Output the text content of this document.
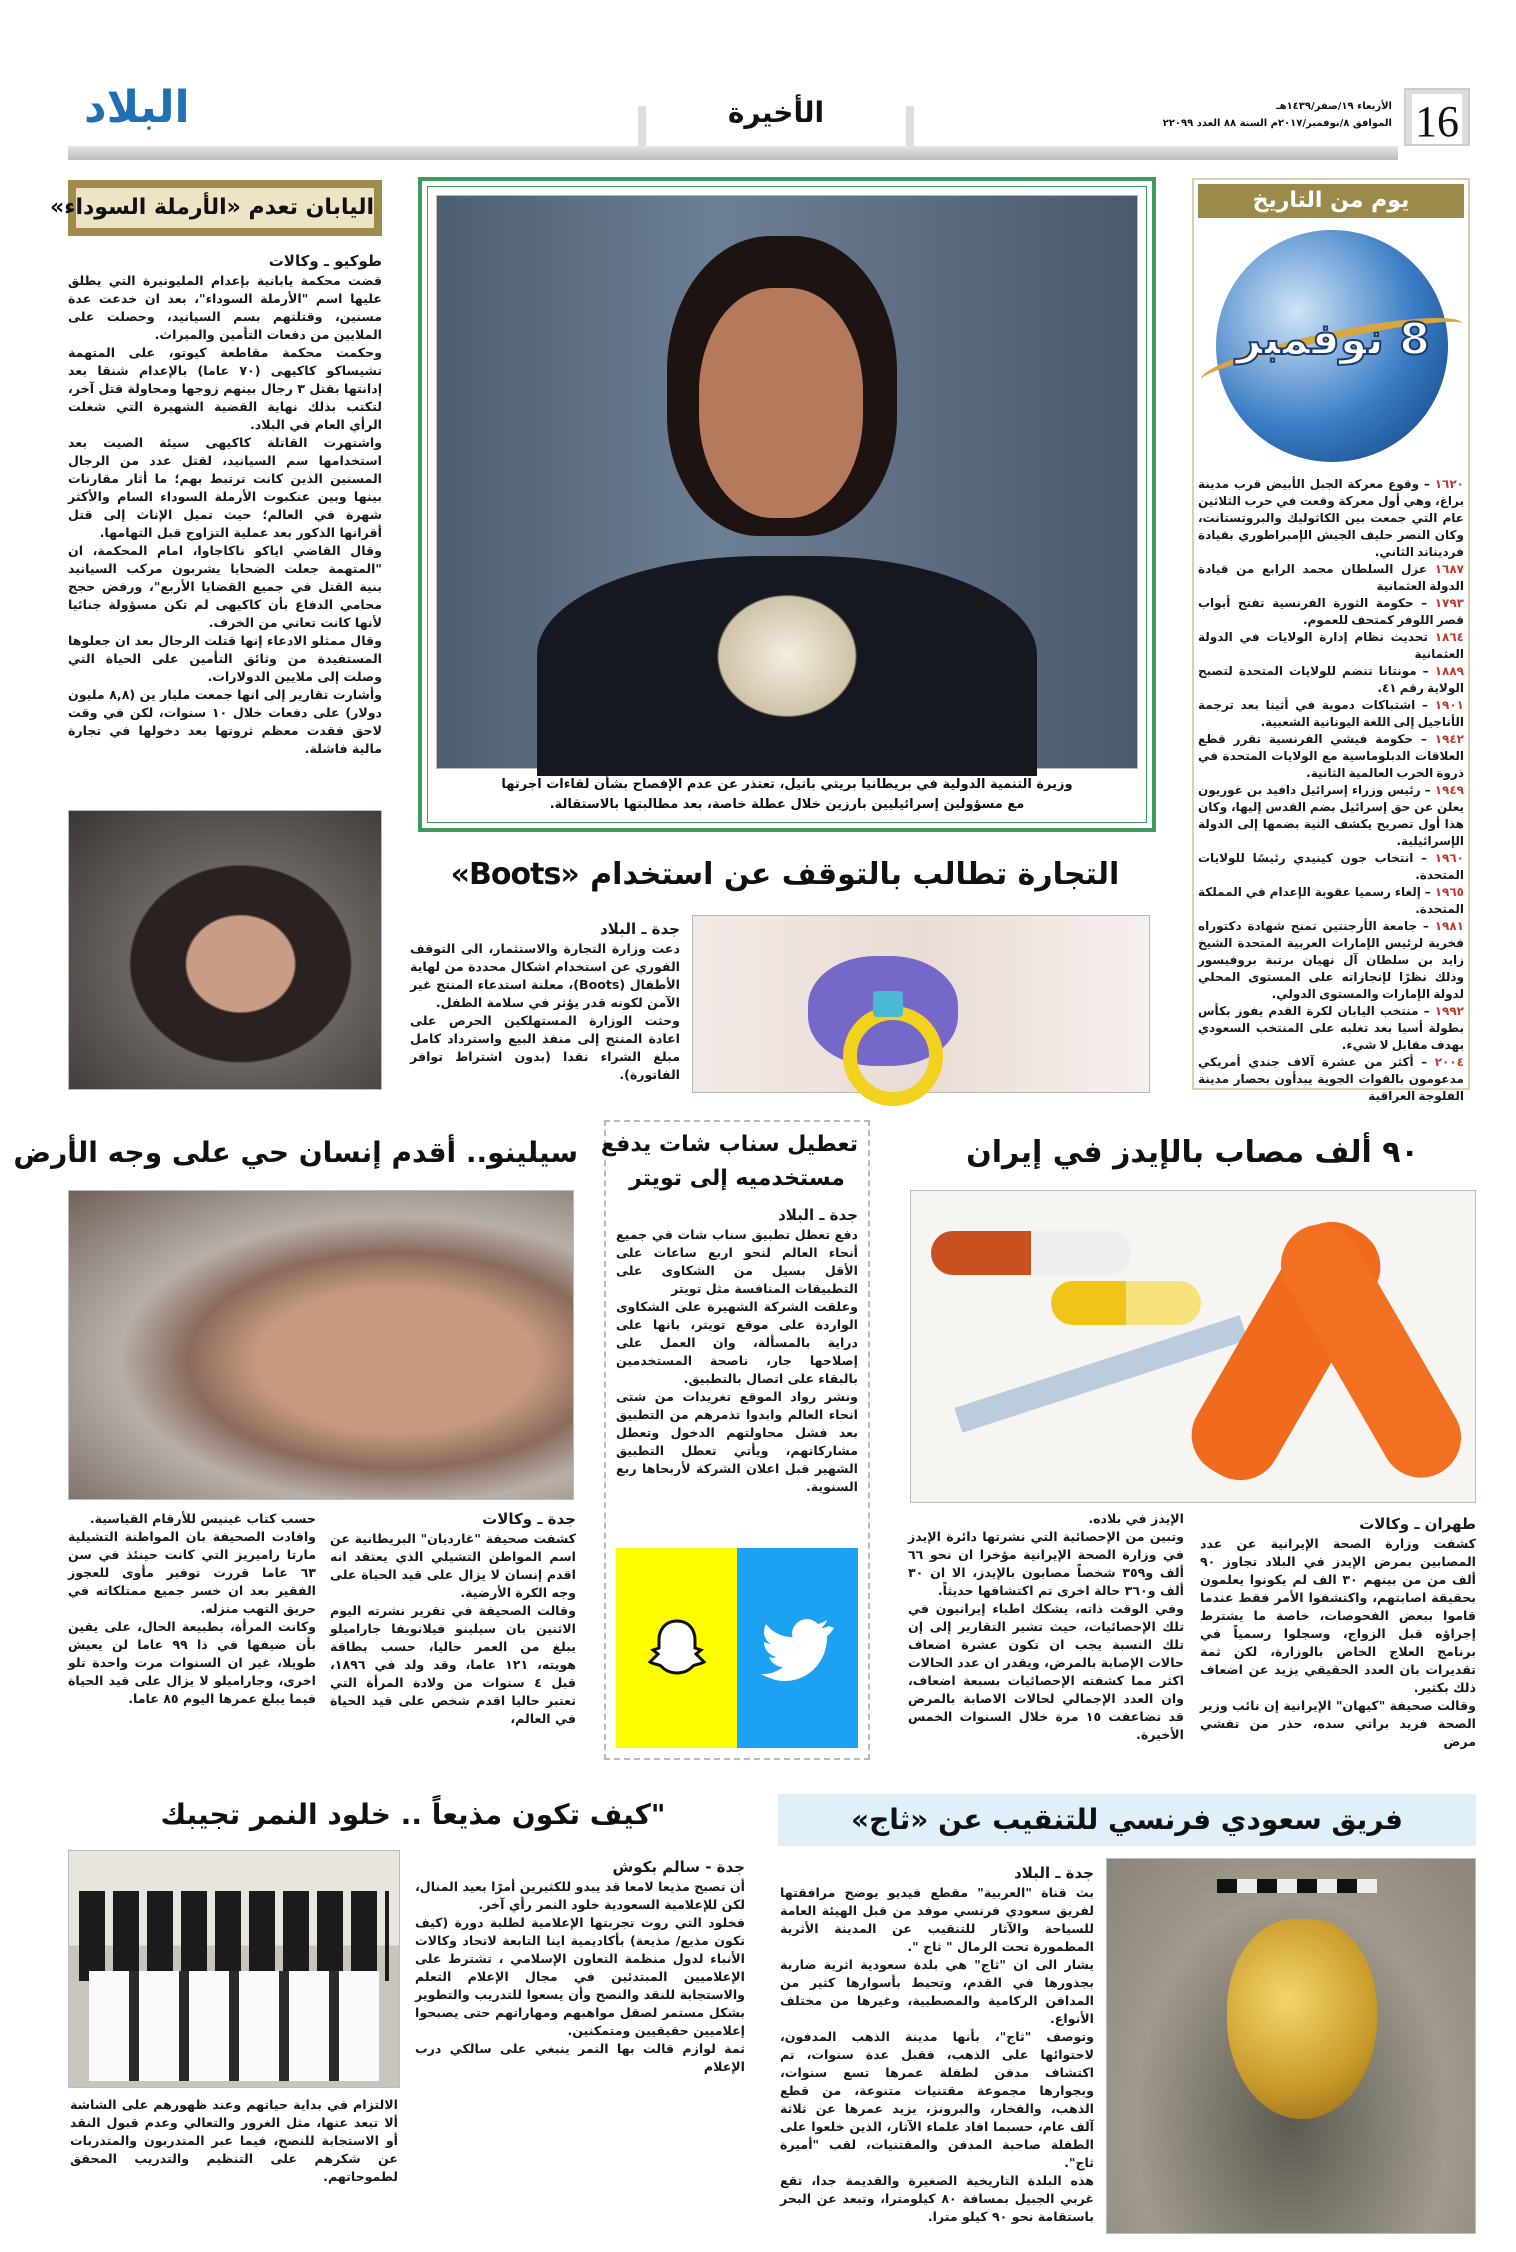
16
الأربعاء ١٩/صفر/١٤٣٩هـ
الموافق ٨/نوفمبر/٢٠١٧م السنة ٨٨ العدد ٢٢٠٩٩
الأخيرة
البلاد
يوم من التاريخ
8 نوفمبر
١٦٢٠ – وقوع معركة الجبل الأبيض قرب مدينة براغ، وهي أول معركة وقعت في حرب الثلاثين عام التي جمعت بين الكاثوليك والبروتستانت، وكان النصر حليف الجيش الإمبراطوري بقيادة فرديناند الثاني.
١٦٨٧ عزل السلطان محمد الرابع من قيادة الدولة العثمانية
١٧٩٣ – حكومة الثورة الفرنسية تفتح أبواب قصر اللوفر كمتحف للعموم.
١٨٦٤ تحديث نظام إدارة الولايات في الدولة العثمانية
١٨٨٩ – مونتانا تنضم للولايات المتحدة لتصبح الولاية رقم ٤١.
١٩٠١ – اشتباكات دموية في أثينا بعد ترجمة الأناجيل إلى اللغة اليونانية الشعبية.
١٩٤٢ – حكومة فيشي الفرنسية تقرر قطع العلاقات الدبلوماسية مع الولايات المتحدة في ذروة الحرب العالمية الثانية.
١٩٤٩ – رئيس وزراء إسرائيل دافيد بن غوريون يعلن عن حق إسرائيل بضم القدس إليها، وكان هذا أول تصريح يكشف النية بضمها إلى الدولة الإسرائيلية.
١٩٦٠ – انتخاب جون كينيدي رئيسًا للولايات المتحدة.
١٩٦٥ – إلغاء رسميا عقوبة الإعدام في المملكة المتحدة.
١٩٨١ – جامعة الأرجنتين تمنح شهادة دكتوراه فخرية لرئيس الإمارات العربية المتحدة الشيخ زايد بن سلطان آل نهيان برتبة بروفيسور وذلك نظرًا لإنجازاته على المستوى المحلي لدولة الإمارات والمستوى الدولي.
١٩٩٢ – منتخب اليابان لكرة القدم يفوز بكأس بطولة أسيا بعد تغلبه على المنتخب السعودي بهدف مقابل لا شيء.
٢٠٠٤ – أكثر من عشرة آلاف جندي أمريكي مدعومون بالقوات الجوية يبدأون بحصار مدينة الفلوجة العراقية
وزيرة التنمية الدولية في بريطانيا بريتي باتيل، تعتذر عن عدم الإفصاح بشأن لقاءات اجرتها
مع مسؤولين إسرائيليين بارزين خلال عطلة خاصة، بعد مطالبتها بالاستقالة.
اليابان تعدم «الأرملة السوداء»
طوكيو ـ وكالات

قضت محكمة يابانية بإعدام المليونيرة التي يطلق عليها اسم "الأرملة السوداء"، بعد ان خدعت عدة مسنين، وقتلتهم بسم السيانيد، وحصلت على الملايين من دفعات التأمين والميراث.

وحكمت محكمة مقاطعة كيوتو، على المتهمة تشيساكو كاكيهى (٧٠ عاما) بالإعدام شنقا بعد إدانتها بقتل ٣ رجال بينهم زوجها ومحاولة قتل آخر، لتكتب بذلك نهاية القضية الشهيرة التي شغلت الرأي العام في البلاد.

واشتهرت القاتلة كاكيهى سيئة الصيت بعد استخدامها سم السيانيد، لقتل عدد من الرجال المسنين الذين كانت ترتبط بهم؛ ما أثار مقارنات بينها وبين عنكبوت الأرملة السوداء السام والأكثر شهرة في العالم؛ حيث تميل الإناث إلى قتل أقرانها الذكور بعد عملية التزاوج قبل التهامها.

وقال القاضي اياكو ناكاجاوا، امام المحكمة، ان "المتهمة جعلت الضحايا يشربون مركب السيانيد بنية القتل في جميع القضايا الأربع"، ورفض حجج محامي الدفاع بأن كاكيهى لم تكن مسؤولة جنائيا لأنها كانت تعاني من الخرف.

وقال ممثلو الادعاء إنها قتلت الرجال بعد ان جعلوها المستفيدة من وثائق التأمين على الحياة التي وصلت إلى ملايين الدولارات.

وأشارت تقارير إلى انها جمعت مليار ين (٨,٨ مليون دولار) على دفعات خلال ١٠ سنوات، لكن في وقت لاحق فقدت معظم ثروتها بعد دخولها في تجارة مالية فاشلة.

التجارة تطالب بالتوقف عن استخدام «Boots»
جدة ـ البلاد

دعت وزارة التجارة والاستثمار، الى التوقف الفوري عن استخدام اشكال محددة من لهاية الأطفال (Boots)، معلنة استدعاء المنتج غير الآمن لكونه قدر يؤثر في سلامة الطفل.

وحثت الوزارة المستهلكين الحرص على اعادة المنتج إلى منفذ البيع واسترداد كامل مبلغ الشراء نقدا (بدون اشتراط توافر الفاتورة).

٩٠ ألف مصاب بالإيدز في إيران
طهران ـ وكالات

كشفت وزارة الصحة الإيرانية عن عدد المصابين بمرض الإيدز في البلاد تجاوز ٩٠ ألف من من بينهم ٣٠ الف لم يكونوا يعلمون بحقيقة اصابتهم، واكتشفوا الأمر فقط عندما قاموا ببعض الفحوصات، خاصة ما يشترط إجراؤه قبل الزواج، وسجلوا رسمياً في برنامج العلاج الخاص بالوزارة، لكن ثمة تقديرات بان العدد الحقيقي يزيد عن اضعاف ذلك بكثير.

وقالت صحيفة "كيهان" الإيرانية إن نائب وزير الصحة فريد براتي سده، حذر من تفشي مرض

الإيدز في بلاده.

وتبين من الإحصائية التي نشرتها دائرة الإيدز في وزارة الصحة الإيرانية مؤخرا ان نحو ٦٦ ألف و٣٥٩ شخصاً مصابون بالإيدز، الا ان ٣٠ ألف و٣٦٠ حالة اخرى تم اكتشافها حديثاً.

وفي الوقت ذاته، يشكك اطباء إيرانيون في تلك الإحصائيات، حيث تشير التقارير إلى إن تلك النسبة يجب ان تكون عشرة اضعاف حالات الإصابة بالمرض، ويقدر ان عدد الحالات اكثر مما كشفته الإحصائيات بسبعة اضعاف، وان العدد الإجمالي لحالات الاصابة بالمرض قد تضاعفت ١٥ مرة خلال السنوات الخمس الأخيرة.

تعطيل سناب شات يدفع
مستخدميه إلى تويتر
جدة ـ البلاد

دفع تعطل تطبيق سناب شات في جميع أنحاء العالم لنحو اربع ساعات على الأقل بسيل من الشكاوى على التطبيقات المنافسة مثل تويتر

وعلقت الشركة الشهيرة على الشكاوى الواردة على موقع تويتر، بانها على دراية بالمسألة، وان العمل على إصلاحها جار، ناصحة المستخدمين بالبقاء على اتصال بالتطبيق.

ونشر رواد الموقع تغريدات من شتى انحاء العالم وابدوا تذمرهم من التطبيق بعد فشل محاولتهم الدخول وتعطل مشاركاتهم، ويأتي تعطل التطبيق الشهير قبل اعلان الشركة لأربحاها ربع السنوية.

سيلينو.. أقدم إنسان حي على وجه الأرض
جدة ـ وكالات

كشفت صحيفة "غارديان" البريطانية عن اسم المواطن التشيلي الذي يعتقد انه اقدم إنسان لا يزال على قيد الحياة على وجه الكرة الأرضية.

وقالت الصحيفة في تقرير نشرته اليوم الاثنين بان سيلينو فيلانويفا جاراميلو يبلغ من العمر حاليا، حسب بطاقة هويته، ١٢١ عاما، وقد ولد في ١٨٩٦، قبل ٤ سنوات من ولادة المرأة التي تعتبر حاليا اقدم شخص على قيد الحياة في العالم،

حسب كتاب غينيس للأرقام القياسية.

وافادت الصحيفة بان المواطنة التشيلية مارتا راميريز التي كانت حينئذ في سن ٦٣ عاما قررت توفير مأوى للعجوز الفقير بعد ان خسر جميع ممتلكاته في حريق التهب منزله.

وكانت المرأة، بطبيعة الحال، على يقين بأن ضيفها في ذا ٩٩ عاما لن يعيش طويلا، غير ان السنوات مرت واحدة تلو اخرى، وجاراميلو لا يزال على قيد الحياة فيما يبلغ عمرها اليوم ٨٥ عاما.

فريق سعودي فرنسي للتنقيب عن «ثاج»
جدة ـ البلاد

بث قناة "العربية" مقطع فيديو يوضح مرافقتها لفريق سعودي فرنسي موفد من قبل الهيئة العامة للسياحة والآثار للتنقيب عن المدينة الأثرية المطمورة تحت الرمال " ثاج ".

يشار الى ان "ثاج" هي بلدة سعودية اثرية ضاربة بجذورها في القدم، وتحيط بأسوارها كثير من المدافن الركامية والمصطبية، وغيرها من مختلف الأنواع.

وتوصف "ثاج"، بأنها مدينة الذهب المدفون، لاحتوائها على الذهب، فقبل عدة سنوات، تم اكتشاف مدفن لطفلة عمرها تسع سنوات، وبجوارها مجموعة مقتنيات متنوعة، من قطع الذهب، والفخار، والبرونز، يزيد عمرها عن ثلاثة آلف عام، حسبما افاد علماء الآثار، الذين خلعوا على الطفلة صاحبة المدفن والمقتنيات، لقب "أميرة ثاج".

هذه البلدة التاريخية الصغيرة والقديمة جدا، تقع غربي الجبيل بمسافة ٨٠ كيلومترا، وتبعد عن البحر باستقامة نحو ٩٠ كيلو مترا.

"كيف تكون مذيعاً .. خلود النمر تجيبك
جدة - سالم بكوش

أن تصبح مذيعا لامعا قد يبدو للكثيرين أمرًا بعيد المنال، لكن للإعلامية السعودية خلود النمر رأي آخر.

فخلود التي روت تجربتها الإعلامية لطلبة دورة (كيف تكون مذيع/ مذيعة) بأكاديمية اينا التابعة لاتحاد وكالات الأنباء لدول منظمة التعاون الإسلامي ، تشترط على الإعلاميين المبتدئين في مجال الإعلام التعلم والاستجابة للنقد والنصح وأن يسعوا للتدريب والتطوير بشكل مستمر لصقل مواهبهم ومهاراتهم حتى يصبحوا إعلاميين حقيقيين ومتمكنين.

ثمة لوازم قالت بها النمر ينبغي على سالكي درب الإعلام

الالتزام في بداية حياتهم وعند ظهورهم على الشاشة ألا تبعد عنها، مثل الغرور والتعالي وعدم قبول النقد أو الاستجابة للنصح، فيما عبر المتدربون والمتدربات عن شكرهم على التنظيم والتدريب المحقق لطموحاتهم.
